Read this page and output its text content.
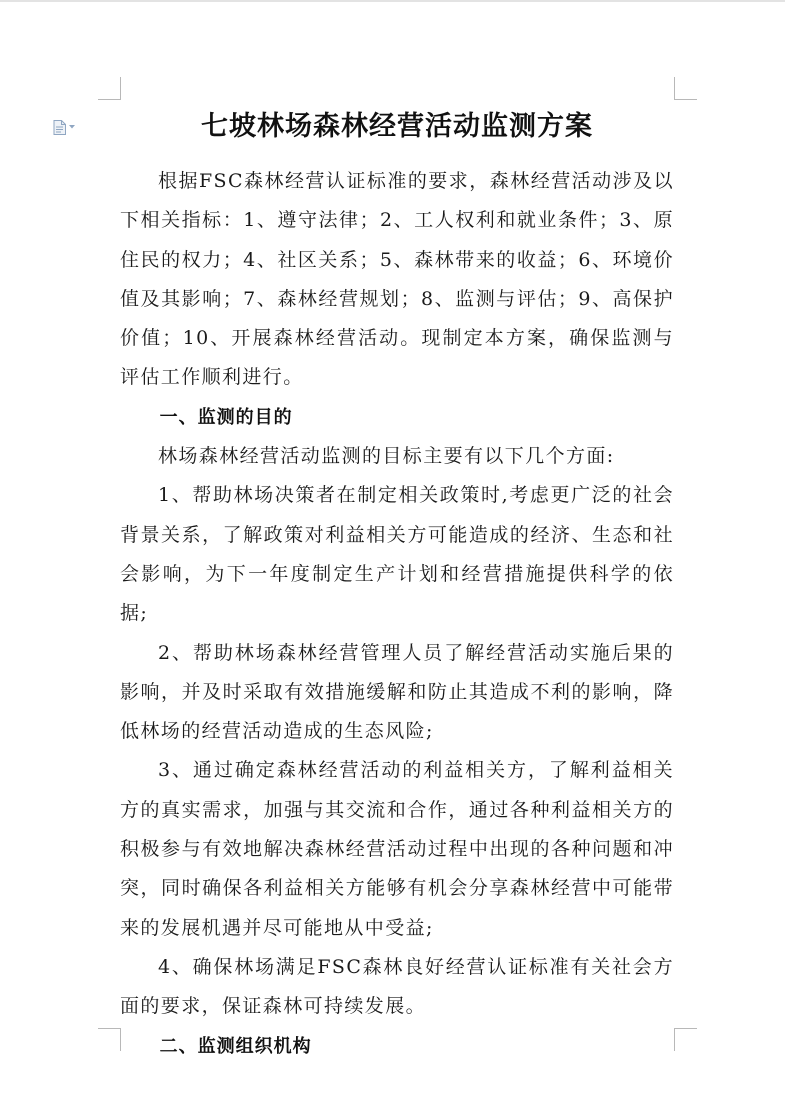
七坡林场森林经营活动监测方案

根据FSC森林经营认证标准的要求，森林经营活动涉及以下相关指标：1、遵守法律；2、工人权利和就业条件；3、原住民的权力；4、社区关系；5、森林带来的收益；6、环境价值及其影响；7、森林经营规划；8、监测与评估；9、高保护价值；10、开展森林经营活动。现制定本方案，确保监测与评估工作顺利进行。

一、监测的目的

林场森林经营活动监测的目标主要有以下几个方面:

1、帮助林场决策者在制定相关政策时,考虑更广泛的社会背景关系，了解政策对利益相关方可能造成的经济、生态和社会影响，为下一年度制定生产计划和经营措施提供科学的依据;

2、帮助林场森林经营管理人员了解经营活动实施后果的影响，并及时采取有效措施缓解和防止其造成不利的影响，降低林场的经营活动造成的生态风险;

3、通过确定森林经营活动的利益相关方，了解利益相关方的真实需求，加强与其交流和合作，通过各种利益相关方的积极参与有效地解决森林经营活动过程中出现的各种问题和冲突，同时确保各利益相关方能够有机会分享森林经营中可能带来的发展机遇并尽可能地从中受益;

4、确保林场满足FSC森林良好经营认证标准有关社会方面的要求，保证森林可持续发展。

二、监测组织机构
